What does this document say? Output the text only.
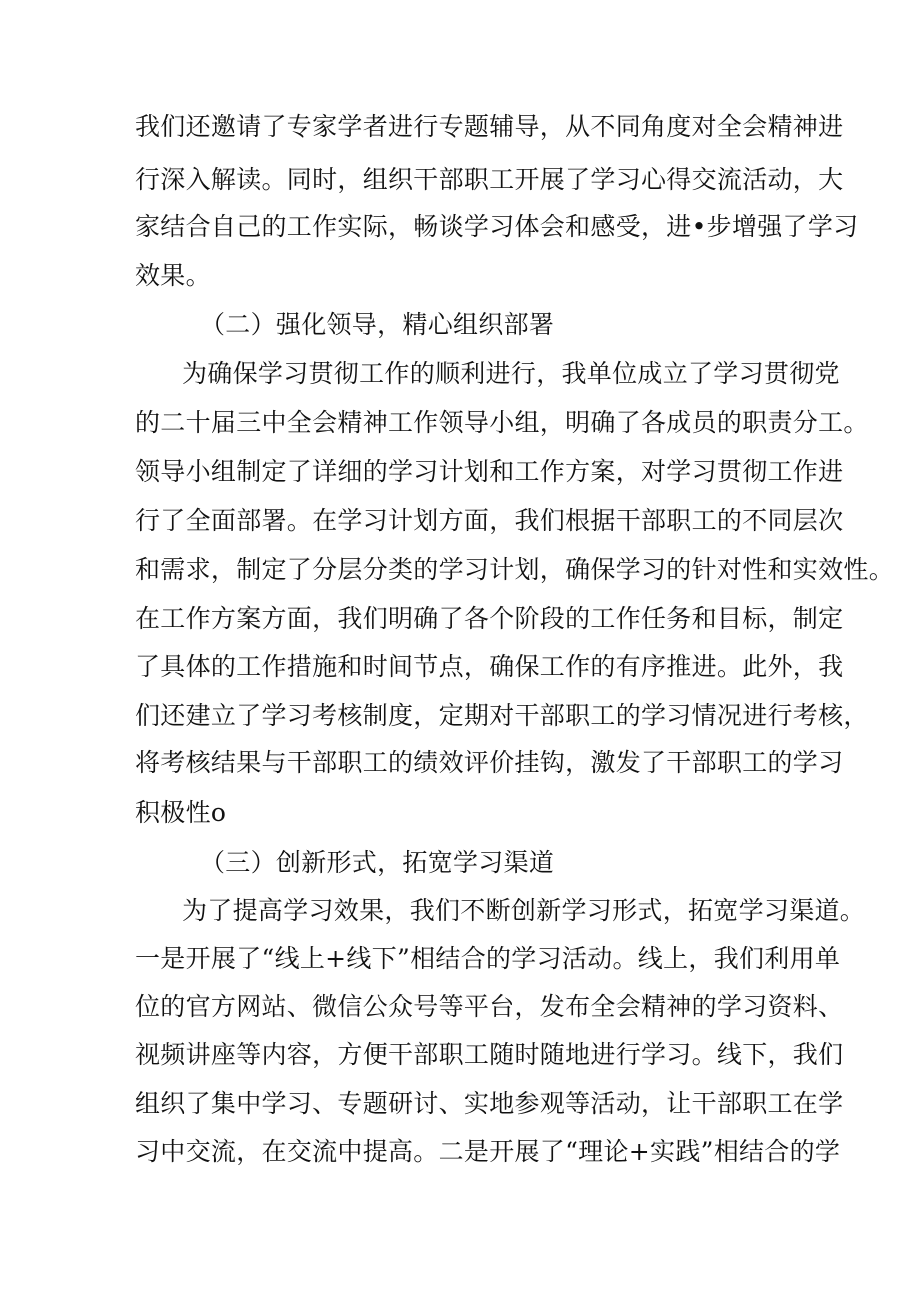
我们还邀请了专家学者进行专题辅导，从不同角度对全会精神进
行深入解读。同时，组织干部职工开展了学习心得交流活动，大
家结合自己的工作实际，畅谈学习体会和感受，进•步增强了学习
效果。
（二）强化领导，精心组织部署
为确保学习贯彻工作的顺利进行，我单位成立了学习贯彻党
的二十届三中全会精神工作领导小组，明确了各成员的职责分工。
领导小组制定了详细的学习计划和工作方案，对学习贯彻工作进
行了全面部署。在学习计划方面，我们根据干部职工的不同层次
和需求，制定了分层分类的学习计划，确保学习的针对性和实效性。
在工作方案方面，我们明确了各个阶段的工作任务和目标，制定
了具体的工作措施和时间节点，确保工作的有序推进。此外，我
们还建立了学习考核制度，定期对干部职工的学习情况进行考核，
将考核结果与干部职工的绩效评价挂钩，激发了干部职工的学习
积极性o
（三）创新形式，拓宽学习渠道
为了提高学习效果，我们不断创新学习形式，拓宽学习渠道。
一是开展了“线上+线下”相结合的学习活动。线上，我们利用单
位的官方网站、微信公众号等平台，发布全会精神的学习资料、
视频讲座等内容，方便干部职工随时随地进行学习。线下，我们
组织了集中学习、专题研讨、实地参观等活动，让干部职工在学
习中交流，在交流中提高。二是开展了“理论+实践”相结合的学
